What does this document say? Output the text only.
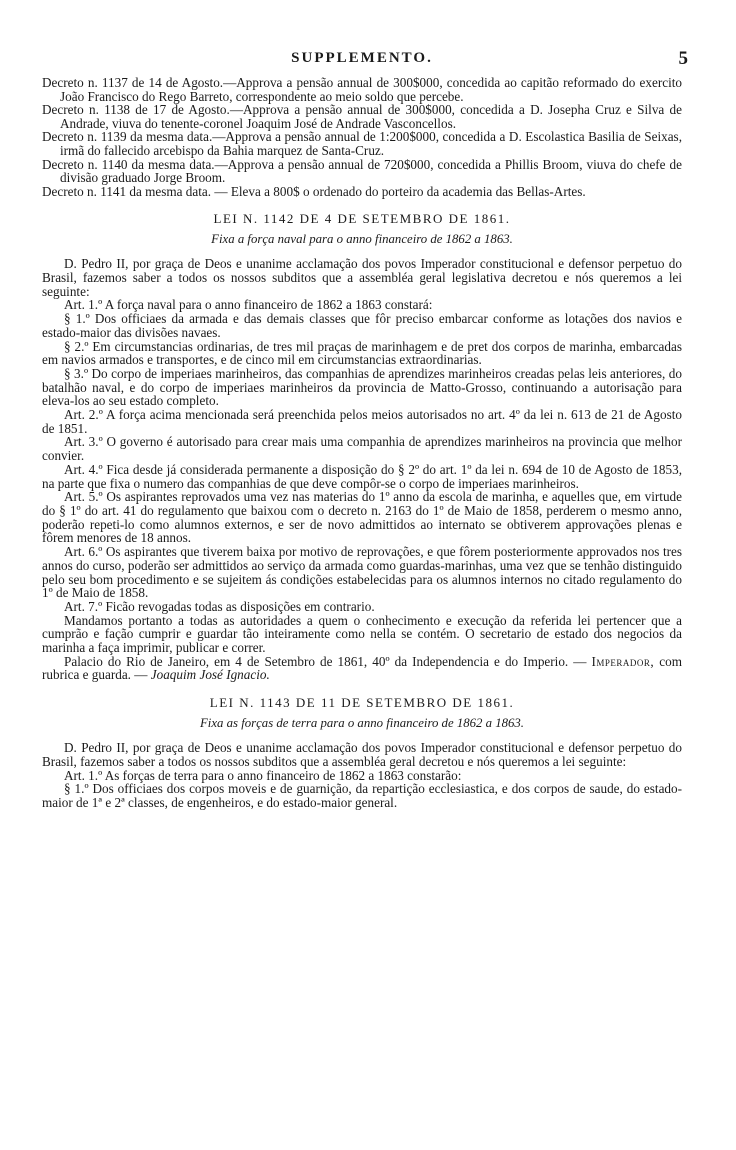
SUPPLEMENTO.	5

Decreto n. 1137 de 14 de Agosto.—Approva a pensão annual de 300$000, concedida ao capitão reformado do exercito João Francisco do Rego Barreto, correspondente ao meio soldo que percebe.

Decreto n. 1138 de 17 de Agosto.—Approva a pensão annual de 300$000, concedida a D. Josepha Cruz e Silva de Andrade, viuva do tenente-coronel Joaquim José de Andrade Vasconcellos.

Decreto n. 1139 da mesma data.—Approva a pensão annual de 1:200$000, concedida a D. Escolastica Basilia de Seixas, irmã do fallecido arcebispo da Bahia marquez de Santa-Cruz.

Decreto n. 1140 da mesma data.—Approva a pensão annual de 720$000, concedida a Phillis Broom, viuva do chefe de divisão graduado Jorge Broom.

Decreto n. 1141 da mesma data. — Eleva a 800$ o ordenado do porteiro da academia das Bellas-Artes.

LEI N. 1142 DE 4 DE SETEMBRO DE 1861.

Fixa a força naval para o anno financeiro de 1862 a 1863.

D. Pedro II, por graça de Deos e unanime acclamação dos povos Imperador constitucional e defensor perpetuo do Brasil, fazemos saber a todos os nossos subditos que a assembléa geral legislativa decretou e nós queremos a lei seguinte:

Art. 1.º A força naval para o anno financeiro de 1862 a 1863 constará:

§ 1.º Dos officiaes da armada e das demais classes que fôr preciso embarcar conforme as lotações dos navios e estado-maior das divisões navaes.

§ 2.º Em circumstancias ordinarias, de tres mil praças de marinhagem e de pret dos corpos de marinha, embarcadas em navios armados e transportes, e de cinco mil em circumstancias extraordinarias.

§ 3.º Do corpo de imperiaes marinheiros, das companhias de aprendizes marinheiros creadas pelas leis anteriores, do batalhão naval, e do corpo de imperiaes marinheiros da provincia de Matto-Grosso, continuando a autorisação para eleva-los ao seu estado completo.

Art. 2.º A força acima mencionada será preenchida pelos meios autorisados no art. 4º da lei n. 613 de 21 de Agosto de 1851.

Art. 3.º O governo é autorisado para crear mais uma companhia de aprendizes marinheiros na provincia que melhor convier.

Art. 4.º Fica desde já considerada permanente a disposição do § 2º do art. 1º da lei n. 694 de 10 de Agosto de 1853, na parte que fixa o numero das companhias de que deve compôr-se o corpo de imperiaes marinheiros.

Art. 5.º Os aspirantes reprovados uma vez nas materias do 1º anno da escola de marinha, e aquelles que, em virtude do § 1º do art. 41 do regulamento que baixou com o decreto n. 2163 do 1º de Maio de 1858, perderem o mesmo anno, poderão repeti-lo como alumnos externos, e ser de novo admittidos ao internato se obtiverem approvações plenas e fôrem menores de 18 annos.

Art. 6.º Os aspirantes que tiverem baixa por motivo de reprovações, e que fôrem posteriormente approvados nos tres annos do curso, poderão ser admittidos ao serviço da armada como guardas-marinhas, uma vez que se tenhão distinguido pelo seu bom procedimento e se sujeitem ás condições estabelecidas para os alumnos internos no citado regulamento do 1º de Maio de 1858.

Art. 7.º Ficão revogadas todas as disposições em contrario.

Mandamos portanto a todas as autoridades a quem o conhecimento e execução da referida lei pertencer que a cumprão e fação cumprir e guardar tão inteiramente como nella se contém. O secretario de estado dos negocios da marinha a faça imprimir, publicar e correr.

Palacio do Rio de Janeiro, em 4 de Setembro de 1861, 40º da Independencia e do Imperio. — Imperador, com rubrica e guarda. — Joaquim José Ignacio.

LEI N. 1143 DE 11 DE SETEMBRO DE 1861.

Fixa as forças de terra para o anno financeiro de 1862 a 1863.

D. Pedro II, por graça de Deos e unanime acclamação dos povos Imperador constitucional e defensor perpetuo do Brasil, fazemos saber a todos os nossos subditos que a assembléa geral decretou e nós queremos a lei seguinte:

Art. 1.º As forças de terra para o anno financeiro de 1862 a 1863 constarão:

§ 1.º Dos officiaes dos corpos moveis e de guarnição, da repartição ecclesiastica, e dos corpos de saude, do estado-maior de 1ª e 2ª classes, de engenheiros, e do estado-maior general.
